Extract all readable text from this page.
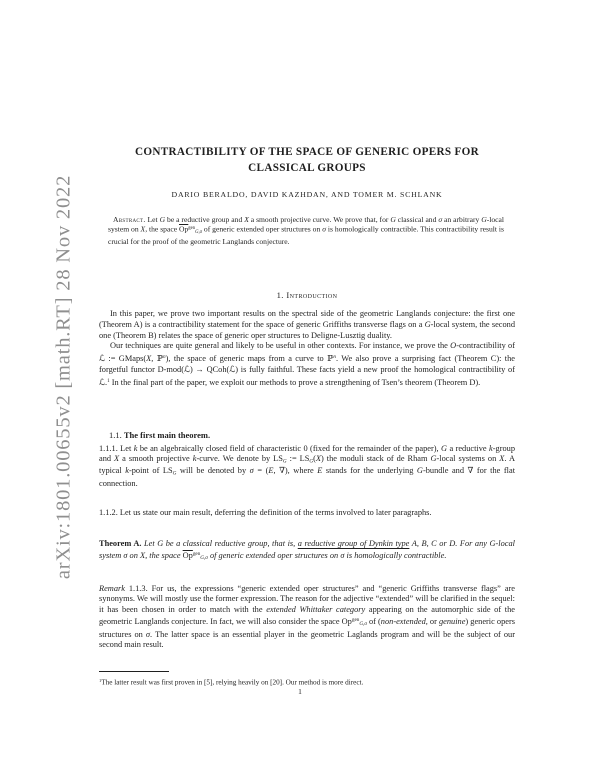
arXiv:1801.00655v2 [math.RT] 28 Nov 2022
CONTRACTIBILITY OF THE SPACE OF GENERIC OPERS FOR
CLASSICAL GROUPS
DARIO BERALDO, DAVID KAZHDAN, AND TOMER M. SCHLANK
Abstract. Let G be a reductive group and X a smooth projective curve. We prove that, for G classical and σ an arbitrary G-local system on X, the space $\overline{Op}^{gen}G,\sigma$ of generic extended oper structures on σ is homologically contractible. This contractibility result is crucial for the proof of the geometric Langlands conjecture.
1. Introduction

In this paper, we prove two important results on the spectral side of the geometric Langlands conjecture: the first one (Theorem A) is a contractibility statement for the space of generic Griffiths transverse flags on a G-local system, the second one (Theorem B) relates the space of generic oper structures to Deligne-Lusztig duality.

Our techniques are quite general and likely to be useful in other contexts. For instance, we prove the O-contractibility of ℒ := GMaps(X, ℙ$^n$), the space of generic maps from a curve to ℙ$^n$. We also prove a surprising fact (Theorem C): the forgetful functor D-mod(ℒ) → QCoh(ℒ) is fully faithful. These facts yield a new proof the homological contractibility of ℒ.$^1$ In the final part of the paper, we exploit our methods to prove a strengthening of Tsen’s theorem (Theorem D).

1.1. The first main theorem.
1.1.1. Let k be an algebraically closed field of characteristic 0 (fixed for the remainder of the paper), G a reductive k-group and X a smooth projective k-curve. We denote by LSG := LSG(X) the moduli stack of de Rham G-local systems on X. A typical k-point of LSG will be denoted by σ = (E, ∇), where E stands for the underlying G-bundle and ∇ for the flat connection.
1.1.2. Let us state our main result, deferring the definition of the terms involved to later paragraphs.
Theorem A. Let G be a classical reductive group, that is, a reductive group of Dynkin type A, B, C or D. For any G-local system σ on X, the space $\overline{Op}^{gen}G,\sigma$ of generic extended oper structures on σ is homologically contractible.
Remark 1.1.3. For us, the expressions “generic extended oper structures” and “generic Griffiths transverse flags” are synonyms. We will mostly use the former expression. The reason for the adjective “extended” will be clarified in the sequel: it has been chosen in order to match with the extended Whittaker category appearing on the automorphic side of the geometric Langlands conjecture. In fact, we will also consider the space $Op^{gen}G,\sigma$ of (non-extended, or genuine) generic opers structures on σ. The latter space is an essential player in the geometric Laglands program and will be the subject of our second main result.
$^1$The latter result was first proven in [5], relying heavily on [20]. Our method is more direct.
1
